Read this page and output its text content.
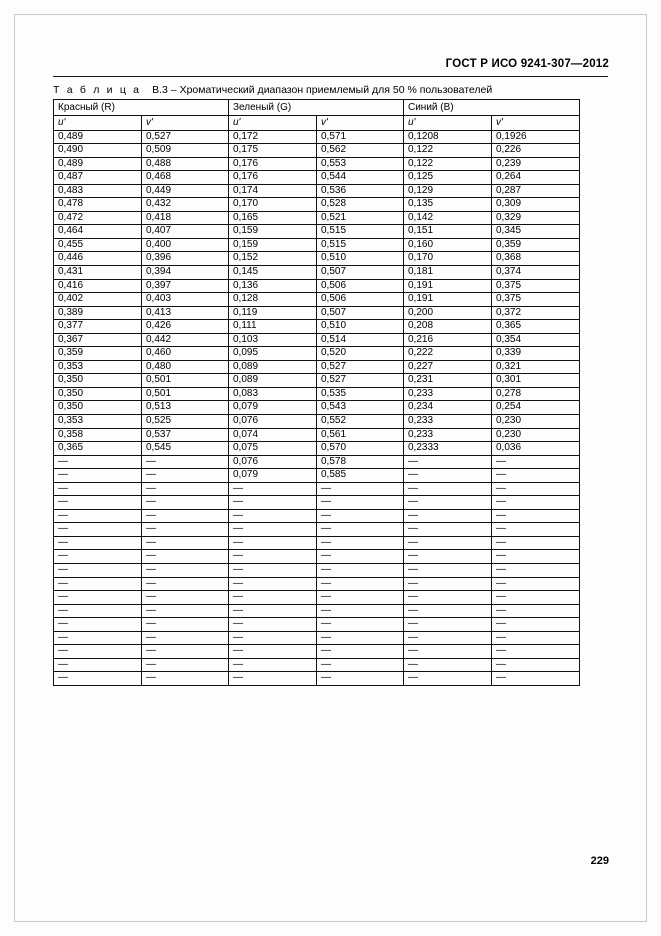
ГОСТ Р ИСО 9241-307—2012
Т а б л и ц а В.3 – Хроматический диапазон приемлемый для 50 % пользователей
Красный (R)		Зеленый (G)		Синий (B)	
u'	v'	u'	v'	u'	v'
0,489	0,527	0,172	0,571	0,1208	0,1926
0,490	0,509	0,175	0,562	0,122	0,226
0,489	0,488	0,176	0,553	0,122	0,239
0,487	0,468	0,176	0,544	0,125	0,264
0,483	0,449	0,174	0,536	0,129	0,287
0,478	0,432	0,170	0,528	0,135	0,309
0,472	0,418	0,165	0,521	0,142	0,329
0,464	0,407	0,159	0,515	0,151	0,345
0,455	0,400	0,159	0,515	0,160	0,359
0,446	0,396	0,152	0,510	0,170	0,368
0,431	0,394	0,145	0,507	0,181	0,374
0,416	0,397	0,136	0,506	0,191	0,375
0,402	0,403	0,128	0,506	0,191	0,375
0,389	0,413	0,119	0,507	0,200	0,372
0,377	0,426	0,111	0,510	0,208	0,365
0,367	0,442	0,103	0,514	0,216	0,354
0,359	0,460	0,095	0,520	0,222	0,339
0,353	0,480	0,089	0,527	0,227	0,321
0,350	0,501	0,089	0,527	0,231	0,301
0,350	0,501	0,083	0,535	0,233	0,278
0,350	0,513	0,079	0,543	0,234	0,254
0,353	0,525	0,076	0,552	0,233	0,230
0,358	0,537	0,074	0,561	0,233	0,230
0,365	0,545	0,075	0,570	0,2333	0,036
—	—	0,076	0,578	—	—
—	—	0,079	0,585	—	—
—	—	—	—	—	—
—	—	—	—	—	—
—	—	—	—	—	—
—	—	—	—	—	—
—	—	—	—	—	—
—	—	—	—	—	—
—	—	—	—	—	—
—	—	—	—	—	—
—	—	—	—	—	—
—	—	—	—	—	—
—	—	—	—	—	—
—	—	—	—	—	—
—	—	—	—	—	—
—	—	—	—	—	—
—	—	—	—	—	—
229
